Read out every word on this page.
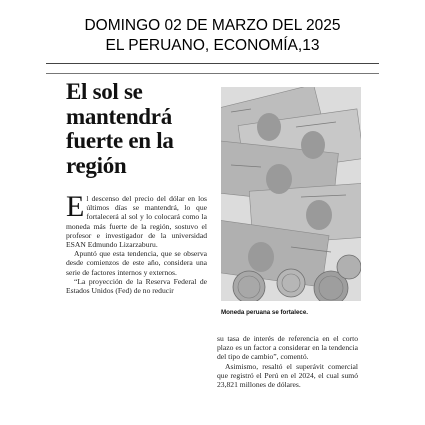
DOMINGO 02 DE MARZO DEL 2025
EL PERUANO, ECONOMÍA,13
El sol se
mantendrá
fuerte en la
región

El descenso del precio del dólar en los últimos días se mantendrá, lo que fortalecerá al sol y lo colocará como la moneda más fuerte de la región, sostuvo el profesor e investigador de la universidad ESAN Edmundo Lizarzaburu.

Apuntó que esta tendencia, que se observa desde comienzos de este año, considera una serie de factores internos y externos.

“La proyección de la Reserva Federal de Estados Unidos (Fed) de no reducir

Moneda peruana se fortalece.

su tasa de interés de referencia en el corto plazo es un factor a considerar en la tendencia del tipo de cambio”, comentó.

Asimismo, resaltó el superávit comercial que registró el Perú en el 2024, el cual sumó 23,821 millones de dólares.
